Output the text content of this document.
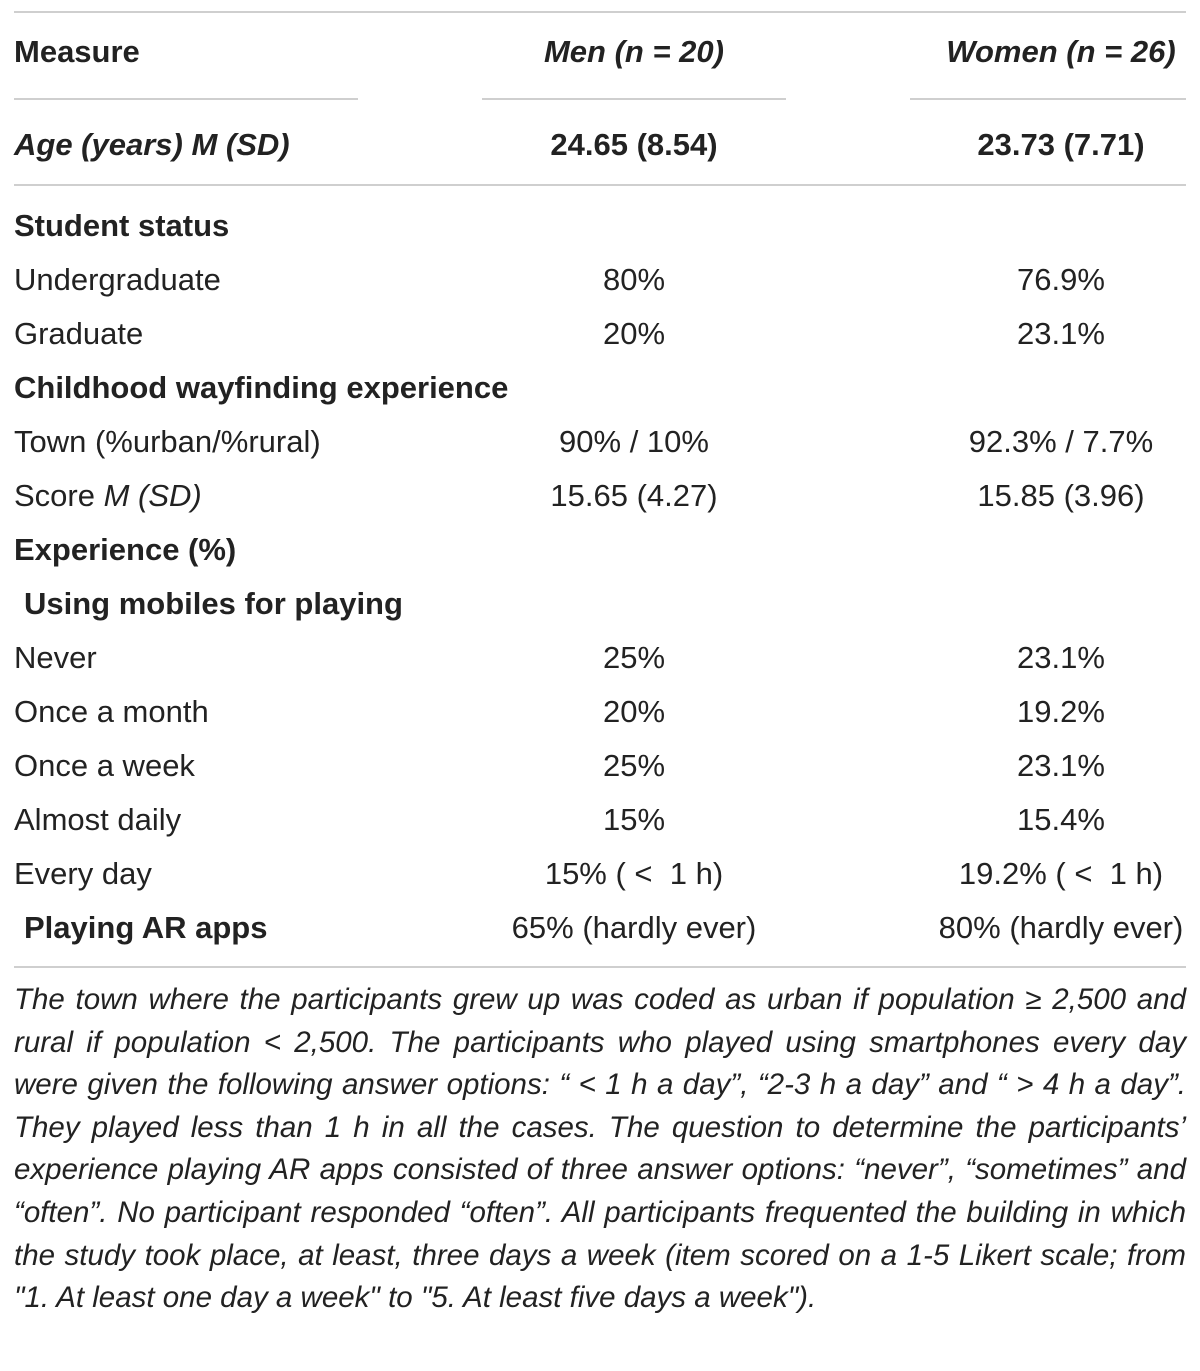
Measure	Men (n = 20)	Women (n = 26)
Age (years) M (SD)	24.65 (8.54)	23.73 (7.71)
Student status
Undergraduate	80%	76.9%
Graduate	20%	23.1%
Childhood wayfinding experience
Town (%urban/%rural)	90% / 10%	92.3% / 7.7%
Score M (SD)	15.65 (4.27)	15.85 (3.96)
Experience (%)
Using mobiles for playing
Never	25%	23.1%
Once a month	20%	19.2%
Once a week	25%	23.1%
Almost daily	15%	15.4%
Every day	15% ( <  1 h)	19.2% ( <  1 h)
Playing AR apps	65% (hardly ever)	80% (hardly ever)
The town where the participants grew up was coded as urban if population ≥ 2,500 and rural if population < 2,500. The participants who played using smartphones every day were given the following answer options: “ < 1 h a day”, “2-3 h a day” and “ > 4 h a day”. They played less than 1 h in all the cases. The question to determine the participants’ experience playing AR apps consisted of three answer options: “never”, “sometimes” and “often”. No participant responded “often”. All participants frequented the building in which the study took place, at least, three days a week (item scored on a 1-5 Likert scale; from "1. At least one day a week" to "5. At least five days a week").
